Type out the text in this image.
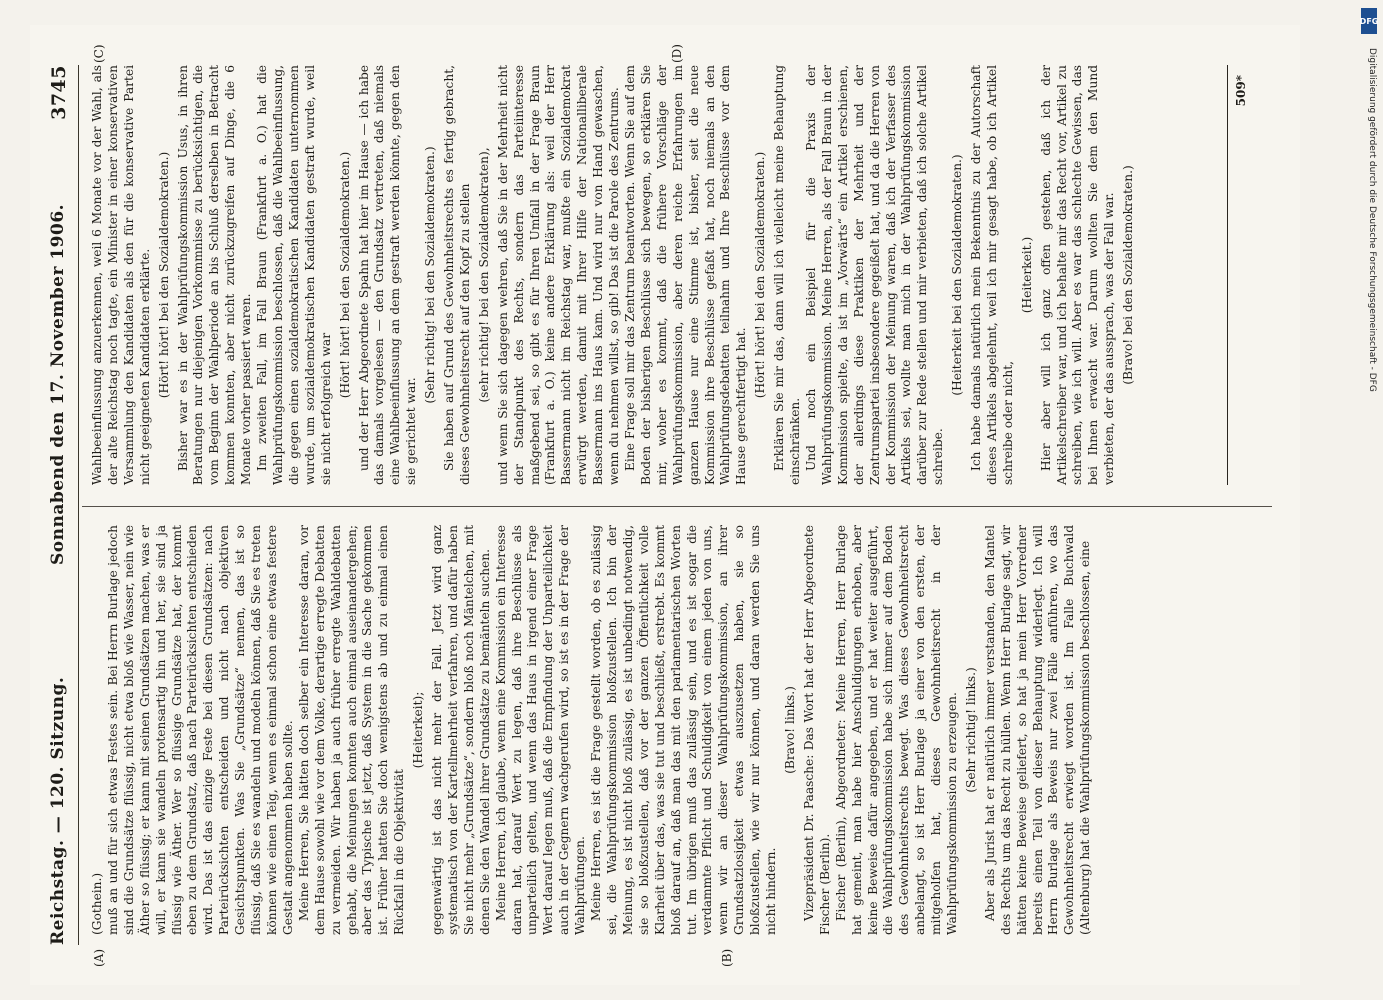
Reichstag. — 120. Sitzung.
Sonnabend den 17. November 1906.
3745
(A)	(B)
(C)	(D)

(Gothein.) muß an und für sich etwas Festes sein. Bei Herrn Burlage jedoch sind die Grundsätze flüssig, nicht etwa bloß wie Wasser, nein wie Äther so flüssig; er kann mit seinen Grundsätzen machen, was er will, er kann sie wandeln protensartig hin und her, sie sind ja flüssig wie Äther. Wer so flüssige Grundsätze hat, der kommt eben zu dem Grundsatz, daß nach Parteirücksichten entschieden wird. Das ist das einzige Feste bei diesen Grundsätzen: nach Parteirücksichten entscheiden und nicht nach objektiven Gesichtspunkten. Was Sie „Grundsätze“ nennen, das ist so flüssig, daß Sie es wandeln und modeln können, daß Sie es treten können wie einen Teig, wenn es einmal schon eine etwas festere Gestalt angenommen haben sollte. Meine Herren, Sie hätten doch selber ein Interesse daran, vor dem Hause sowohl wie vor dem Volke, derartige erregte Debatten zu vermeiden. Wir haben ja auch früher erregte Wahldebatten gehabt, die Meinungen konnten auch einmal auseinandergehen; aber das Typische ist jetzt, daß System in die Sache gekommen ist. Früher hatten Sie doch wenigstens ab und zu einmal einen Rückfall in die Objektivität

(Heiterkeit); gegenwärtig ist das nicht mehr der Fall. Jetzt wird ganz systematisch von der Kartellmehrheit verfahren, und dafür haben Sie nicht mehr „Grundsätze“, sondern bloß noch Mäntelchen, mit denen Sie den Wandel ihrer Grundsätze zu bemänteln suchen. Meine Herren, ich glaube, wenn eine Kommission ein Interesse daran hat, darauf Wert zu legen, daß ihre Beschlüsse als unparteilich gelten, und wenn das Haus in irgend einer Frage Wert darauf legen muß, daß die Empfindung der Unparteilichkeit auch in der Gegnern wachgerufen wird, so ist es in der Frage der Wahlprüfungen. Meine Herren, es ist die Frage gestellt worden, ob es zulässig sei, die Wahlprüfungskommission bloßzustellen. Ich bin der Meinung, es ist nicht bloß zulässig, es ist unbedingt notwendig, sie so bloßzustellen, daß vor der ganzen Öffentlichkeit volle Klarheit über das, was sie tut und beschließt, erstrebt. Es kommt bloß darauf an, daß man das mit den parlamentarischen Worten tut. Im übrigen muß das zulässig sein, und es ist sogar die verdammte Pflicht und Schuldigkeit von einem jeden von uns, wenn wir an dieser Wahlprüfungskommission, an ihrer Grundsatzlosigkeit etwas auszusetzen haben, sie so bloßzustellen, wie wir nur können, und daran werden Sie uns nicht hindern.

(Bravo! links.) Vizepräsident Dr. Paasche: Das Wort hat der Herr Abgeordnete Fischer (Berlin). Fischer (Berlin), Abgeordneter: Meine Herren, Herr Burlage hat gemeint, man habe hier Anschuldigungen erhoben, aber keine Beweise dafür angegeben, und er hat weiter ausgeführt, die Wahlprüfungskommission habe sich immer auf dem Boden des Gewohnheitsrechts bewegt. Was dieses Gewohnheitsrecht anbelangt, so ist Herr Burlage ja einer von den ersten, der mitgeholfen hat, dieses Gewohnheitsrecht in der Wahlprüfungskommission zu erzeugen. (Sehr richtig! links.) Aber als Jurist hat er natürlich immer verstanden, den Mantel des Rechts um das Recht zu hüllen. Wenn Herr Burlage sagt, wir hätten keine Beweise geliefert, so hat ja mein Herr Vorredner bereits einen Teil von dieser Behauptung widerlegt. Ich will Herrn Burlage als Beweis nur zwei Fälle anführen, wo das Gewohnheitsrecht erwiegt worden ist. Im Falle Buchwald (Altenburg) hat die Wahlprüfungskommission beschlossen, eine

Wahlbeeinflussung anzuerkennen, weil 6 Monate vor der Wahl, als der alte Reichstag noch tagte, ein Minister in einer konservativen Versammlung den Kandidaten als den für die konservative Partei nicht geeigneten Kandidaten erklärte. (Hört! hört! bei den Sozialdemokraten.) Bisher war es in der Wahlprüfungskommission Usus, in ihren Beratungen nur diejenigen Vorkommnisse zu berücksichtigen, die vom Beginn der Wahlperiode an bis Schluß derselben in Betracht kommen konnten, aber nicht zurückzugreifen auf Dinge, die 6 Monate vorher passiert waren. Im zweiten Fall, im Fall Braun (Frankfurt a. O.) hat die Wahlprüfungskommission beschlossen, daß die Wahlbeeinflussung, die gegen einen sozialdemokratischen Kandidaten unternommen wurde, um sozialdemokratischen Kandidaten gestraft wurde, weil sie nicht erfolgreich war

(Hört! hört! bei den Sozialdemokraten.) und der Herr Abgeordnete Spahn hat hier im Hause — ich habe das damals vorgelesen — den Grundsatz vertreten, daß niemals eine Wahlbeeinflussung an dem gestraft werden könnte, gegen den sie gerichtet war.

(Sehr richtig! bei den Sozialdemokraten.) Sie haben auf Grund des Gewohnheitsrechts es fertig gebracht, dieses Gewohnheitsrecht auf den Kopf zu stellen (sehr richtig! bei den Sozialdemokraten), und wenn Sie sich dagegen wehren, daß Sie in der Mehrheit nicht der Standpunkt des Rechts, sondern das Parteiinteresse maßgebend sei, so gibt es für Ihren Umfall in der Frage Braun (Frankfurt a. O.) keine andere Erklärung als: weil der Herr Bassermann nicht im Reichstag war, mußte ein Sozialdemokrat erwürgt werden, damit mit Ihrer Hilfe der Nationalliberale Bassermann ins Haus kam. Und wird nur von Hand gewaschen, wenn du nehmen willst, so gib! Das ist die Parole des Zentrums. Eine Frage soll mir das Zentrum beantworten. Wenn Sie auf dem Boden der bisherigen Beschlüsse sich bewegen, so erklären Sie mir, woher es kommt, daß die frühere Vorschläge der Wahlprüfungskommission, aber deren reiche Erfahrungen im ganzen Hause nur eine Stimme ist, bisher, seit die neue Kommission ihre Beschlüsse gefaßt hat, noch niemals an den Wahlprüfungsdebatten teilnahm und Ihre Beschlüsse vor dem Hause gerechtfertigt hat.

(Hört! hört! bei den Sozialdemokraten.) Erklären Sie mir das, dann will ich vielleicht meine Behauptung einschränken. Und noch ein Beispiel für die Praxis der Wahlprüfungskommission. Meine Herren, als der Fall Braun in der Kommission spielte, da ist im „Vorwärts“ ein Artikel erschienen, der allerdings diese Praktiken der Mehrheit und der Zentrumspartei insbesondere gegeißelt hat, und da die Herren von der Kommission der Meinung waren, daß ich der Verfasser des Artikels sei, wollte man mich in der Wahlprüfungskommission darüber zur Rede stellen und mir verbieten, daß ich solche Artikel schreibe.

(Heiterkeit bei den Sozialdemokraten.) Ich habe damals natürlich mein Bekenntnis zu der Autorschaft dieses Artikels abgelehnt, weil ich mir gesagt habe, ob ich Artikel schreibe oder nicht,

(Heiterkeit.) Hier aber will ich ganz offen gestehen, daß ich der Artikelschreiber war, und ich behalte mir das Recht vor, Artikel zu schreiben, wie ich will. Aber es war das schlechte Gewissen, das bei Ihnen erwacht war. Darum wollten Sie dem den Mund verbieten, der das aussprach, was der Fall war. (Bravo! bei den Sozialdemokraten.)

509*
DFG
Digitalisierung gefördert durch die Deutsche Forschungsgemeinschaft - DFG
